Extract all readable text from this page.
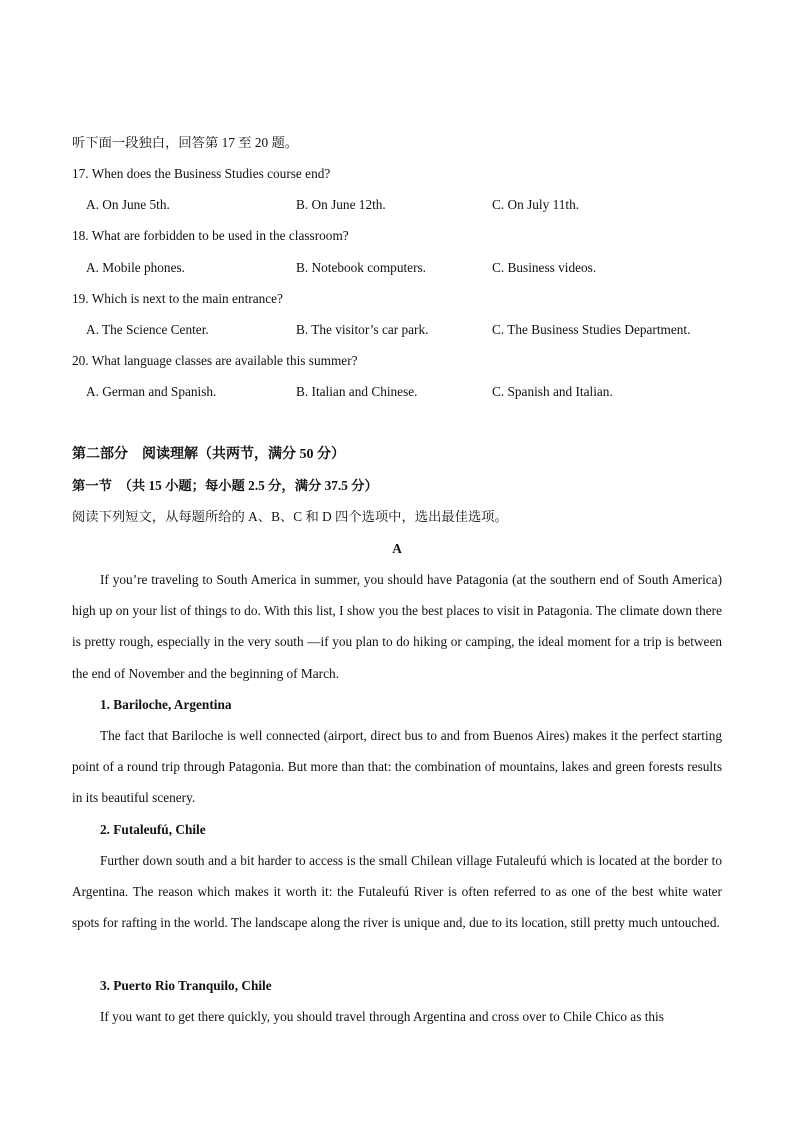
听下面一段独白，回答第 17 至 20 题。
17. When does the Business Studies course end?
A. On June 5th.	B. On June 12th.	C. On July 11th.
18. What are forbidden to be used in the classroom?
A. Mobile phones.	B. Notebook computers.	C. Business videos.
19. Which is next to the main entrance?
A. The Science Center.	B. The visitor’s car park.	C. The Business Studies Department.
20. What language classes are available this summer?
A. German and Spanish.	B. Italian and Chinese.	C. Spanish and Italian.
第二部分　阅读理解（共两节，满分 50 分）
第一节　（共 15 小题；每小题 2.5 分，满分 37.5 分）
阅读下列短文，从每题所给的 A、B、C 和 D 四个选项中，选出最佳选项。
A
If you’re traveling to South America in summer, you should have Patagonia (at the southern end of South America) high up on your list of things to do. With this list, I show you the best places to visit in Patagonia. The climate down there is pretty rough, especially in the very south —if you plan to do hiking or camping, the ideal moment for a trip is between the end of November and the beginning of March.
1. Bariloche, Argentina
The fact that Bariloche is well connected (airport, direct bus to and from Buenos Aires) makes it the perfect starting point of a round trip through Patagonia. But more than that: the combination of mountains, lakes and green forests results in its beautiful scenery.
2. Futaleufú, Chile
Further down south and a bit harder to access is the small Chilean village Futaleufú which is located at the border to Argentina. The reason which makes it worth it: the Futaleufú River is often referred to as one of the best white water spots for rafting in the world. The landscape along the river is unique and, due to its location, still pretty much untouched.
3. Puerto Rio Tranquilo, Chile
If you want to get there quickly, you should travel through Argentina and cross over to Chile Chico as this
